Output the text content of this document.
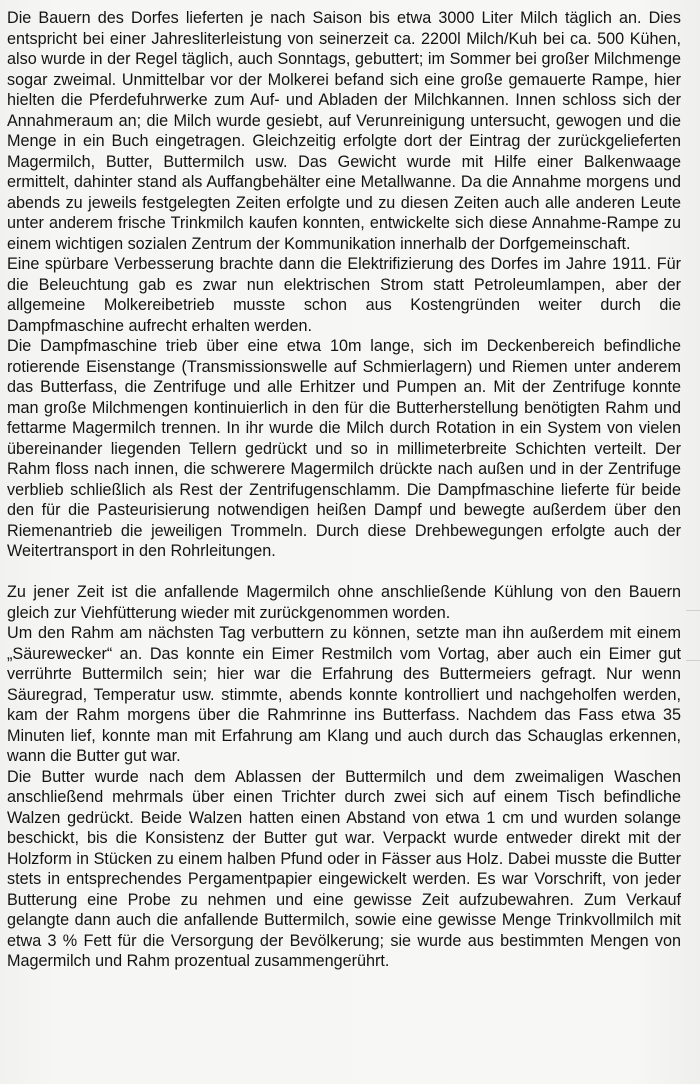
Die Bauern des Dorfes lieferten je nach Saison bis etwa 3000 Liter Milch täglich an. Dies entspricht bei einer Jahresliterleistung von seinerzeit ca. 2200l Milch/Kuh bei ca. 500 Kühen, also wurde in der Regel täglich, auch Sonntags, gebuttert; im Sommer bei großer Milchmenge sogar zweimal. Unmittelbar vor der Molkerei befand sich eine große gemauerte Rampe, hier hielten die Pferdefuhrwerke zum Auf- und Abladen der Milchkannen. Innen schloss sich der Annahmeraum an; die Milch wurde gesiebt, auf Verunreinigung untersucht, gewogen und die Menge in ein Buch eingetragen. Gleichzeitig erfolgte dort der Eintrag der zurückgelieferten Magermilch, Butter, Buttermilch usw. Das Gewicht wurde mit Hilfe einer Balkenwaage ermittelt, dahinter stand als Auffangbehälter eine Metallwanne. Da die Annahme morgens und abends zu jeweils festgelegten Zeiten erfolgte und zu diesen Zeiten auch alle anderen Leute unter anderem frische Trinkmilch kaufen konnten, entwickelte sich diese Annahme-Rampe zu einem wichtigen sozialen Zentrum der Kommunikation innerhalb der Dorfgemeinschaft.

Eine spürbare Verbesserung brachte dann die Elektrifizierung des Dorfes im Jahre 1911. Für die Beleuchtung gab es zwar nun elektrischen Strom statt Petroleumlampen, aber der allgemeine Molkereibetrieb musste schon aus Kostengründen weiter durch die Dampfmaschine aufrecht erhalten werden.

Die Dampfmaschine trieb über eine etwa 10m lange, sich im Deckenbereich befindliche rotierende Eisenstange (Transmissionswelle auf Schmierlagern) und Riemen unter anderem das Butterfass, die Zentrifuge und alle Erhitzer und Pumpen an. Mit der Zentrifuge konnte man große Milchmengen kontinuierlich in den für die Butterherstellung benötigten Rahm und fettarme Magermilch trennen. In ihr wurde die Milch durch Rotation in ein System von vielen übereinander liegenden Tellern gedrückt und so in millimeterbreite Schichten verteilt. Der Rahm floss nach innen, die schwerere Magermilch drückte nach außen und in der Zentrifuge verblieb schließlich als Rest der Zentrifugenschlamm. Die Dampfmaschine lieferte für beide den für die Pasteurisierung notwendigen heißen Dampf und bewegte außerdem über den Riemenantrieb die jeweiligen Trommeln. Durch diese Drehbewegungen erfolgte auch der Weitertransport in den Rohrleitungen.

Zu jener Zeit ist die anfallende Magermilch ohne anschließende Kühlung von den Bauern gleich zur Viehfütterung wieder mit zurückgenommen worden.

Um den Rahm am nächsten Tag verbuttern zu können, setzte man ihn außerdem mit einem „Säurewecker“ an. Das konnte ein Eimer Restmilch vom Vortag, aber auch ein Eimer gut verrührte Buttermilch sein; hier war die Erfahrung des Buttermeiers gefragt. Nur wenn Säuregrad, Temperatur usw. stimmte, abends konnte kontrolliert und nachgeholfen werden, kam der Rahm morgens über die Rahmrinne ins Butterfass. Nachdem das Fass etwa 35 Minuten lief, konnte man mit Erfahrung am Klang und auch durch das Schauglas erkennen, wann die Butter gut war.

Die Butter wurde nach dem Ablassen der Buttermilch und dem zweimaligen Waschen anschließend mehrmals über einen Trichter durch zwei sich auf einem Tisch befindliche Walzen gedrückt. Beide Walzen hatten einen Abstand von etwa 1 cm und wurden solange beschickt, bis die Konsistenz der Butter gut war. Verpackt wurde entweder direkt mit der Holzform in Stücken zu einem halben Pfund oder in Fässer aus Holz. Dabei musste die Butter stets in entsprechendes Pergamentpapier eingewickelt werden. Es war Vorschrift, von jeder Butterung eine Probe zu nehmen und eine gewisse Zeit aufzubewahren. Zum Verkauf gelangte dann auch die anfallende Buttermilch, sowie eine gewisse Menge Trinkvollmilch mit etwa 3 % Fett für die Versorgung der Bevölkerung; sie wurde aus bestimmten Mengen von Magermilch und Rahm prozentual zusammengerührt.
